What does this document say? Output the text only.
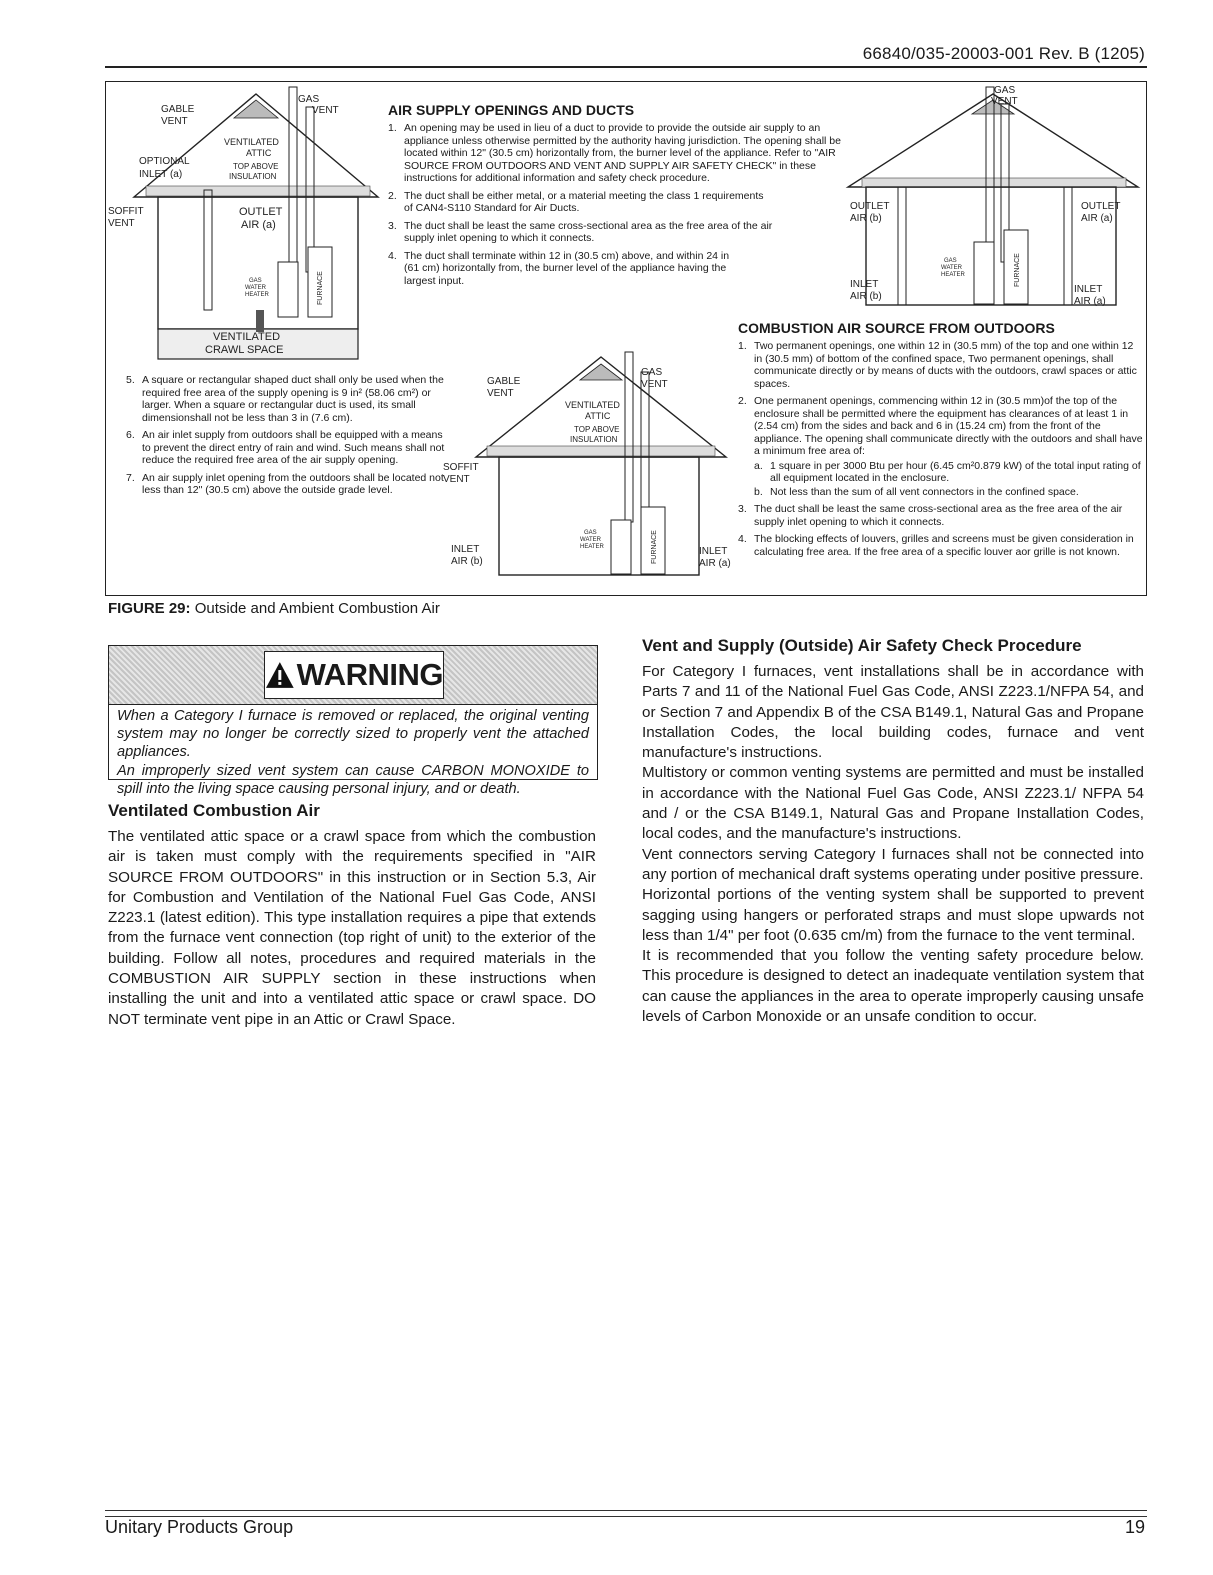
66840/035-20003-001 Rev. B (1205)
GABLE
VENT
GAS
VENT
VENTILATED
ATTIC
TOP ABOVE
INSULATION
OPTIONAL
INLET (a)
SOFFIT
VENT
OUTLET
AIR (a)
GAS
WATER
HEATER	FURNACE
VENTILATED
CRAWL SPACE
AIR SUPPLY OPENINGS AND DUCTS
1. An opening may be used in lieu of a duct to provide to provide the outside air supply to an appliance unless otherwise permitted by the authority having jurisdiction. The opening shall be located within 12" (30.5 cm) horizontally from, the burner level of the appliance. Refer to "AIR SOURCE FROM OUTDOORS AND VENT AND SUPPLY AIR SAFETY CHECK" in these instructions for additional information and safety check procedure.
2. The duct shall be either metal, or a material meeting the class 1 requirements of CAN4-S110 Standard for Air Ducts.
3. The duct shall be least the same cross-sectional area as the free area of the air supply inlet opening to which it connects.
4. The duct shall terminate within 12 in (30.5 cm) above, and within 24 in (61 cm) horizontally from, the burner level of the appliance having the largest input.
GAS
VENT
OUTLET
AIR (b)
OUTLET
AIR (a)
INLET
AIR (b)
INLET
AIR (a)
GAS
WATER
HEATER	FURNACE
COMBUSTION AIR SOURCE FROM OUTDOORS
1. Two permanent openings, one within 12 in (30.5 mm) of the top and one within 12 in (30.5 mm) of bottom of the confined space, Two permanent openings, shall communicate directly or by means of ducts with the outdoors, crawl spaces or attic spaces.
2. One permanent openings, commencing within 12 in (30.5 mm)of the top of the enclosure shall be permitted where the equipment has clearances of at least 1 in (2.54 cm) from the sides and back and 6 in (15.24 cm) from the front of the appliance. The opening shall communicate directly with the outdoors and shall have a minimum free area of:
a. 1 square in per 3000 Btu per hour (6.45 cm²0.879 kW) of the total input rating of all equipment located in the enclosure.
b. Not less than the sum of all vent connectors in the confined space.
3. The duct shall be least the same cross-sectional area as the free area of the air supply inlet opening to which it connects.
4. The blocking effects of louvers, grilles and screens must be given consideration in calculating free area. If the free area of a specific louver aor grille is not known.
5. A square or rectangular shaped duct shall only be used when the required free area of the supply opening is 9 in² (58.06 cm²) or larger. When a square or rectangular duct is used, its small dimensionshall not be less than 3 in (7.6 cm).
6. An air inlet supply from outdoors shall be equipped with a means to prevent the direct entry of rain and wind. Such means shall not reduce the required free area of the air supply opening.
7. An air supply inlet opening from the outdoors shall be located not less than 12" (30.5 cm) above the outside grade level.
GABLE
VENT
GAS
VENT
VENTILATED
ATTIC
TOP ABOVE
INSULATION
SOFFIT
VENT
INLET
AIR (b)
INLET
AIR (a)
GAS
WATER
HEATER	FURNACE
FIGURE 29: Outside and Ambient Combustion Air
WARNING

When a Category I furnace is removed or replaced, the original venting system may no longer be correctly sized to properly vent the attached appliances.

An improperly sized vent system can cause CARBON MONOXIDE to spill into the living space causing personal injury, and or death.

Ventilated Combustion Air

The ventilated attic space or a crawl space from which the combustion air is taken must comply with the requirements specified in "AIR SOURCE FROM OUTDOORS" in this instruction or in Section 5.3, Air for Combustion and Ventilation of the National Fuel Gas Code, ANSI Z223.1 (latest edition). This type installation requires a pipe that extends from the furnace vent connection (top right of unit) to the exterior of the building. Follow all notes, procedures and required materials in the COMBUSTION AIR SUPPLY section in these instructions when installing the unit and into a ventilated attic space or crawl space. DO NOT terminate vent pipe in an Attic or Crawl Space.

Vent and Supply (Outside) Air Safety Check Procedure

For Category I furnaces, vent installations shall be in accordance with Parts 7 and 11 of the National Fuel Gas Code, ANSI Z223.1/NFPA 54, and or Section 7 and Appendix B of the CSA B149.1, Natural Gas and Propane Installation Codes, the local building codes, furnace and vent manufacture's instructions.

Multistory or common venting systems are permitted and must be installed in accordance with the National Fuel Gas Code, ANSI Z223.1/ NFPA 54 and / or the CSA B149.1, Natural Gas and Propane Installation Codes, local codes, and the manufacture's instructions.

Vent connectors serving Category I furnaces shall not be connected into any portion of mechanical draft systems operating under positive pressure.

Horizontal portions of the venting system shall be supported to prevent sagging using hangers or perforated straps and must slope upwards not less than 1/4" per foot (0.635 cm/m) from the furnace to the vent terminal.

It is recommended that you follow the venting safety procedure below. This procedure is designed to detect an inadequate ventilation system that can cause the appliances in the area to operate improperly causing unsafe levels of Carbon Monoxide or an unsafe condition to occur.

Unitary Products Group	19
